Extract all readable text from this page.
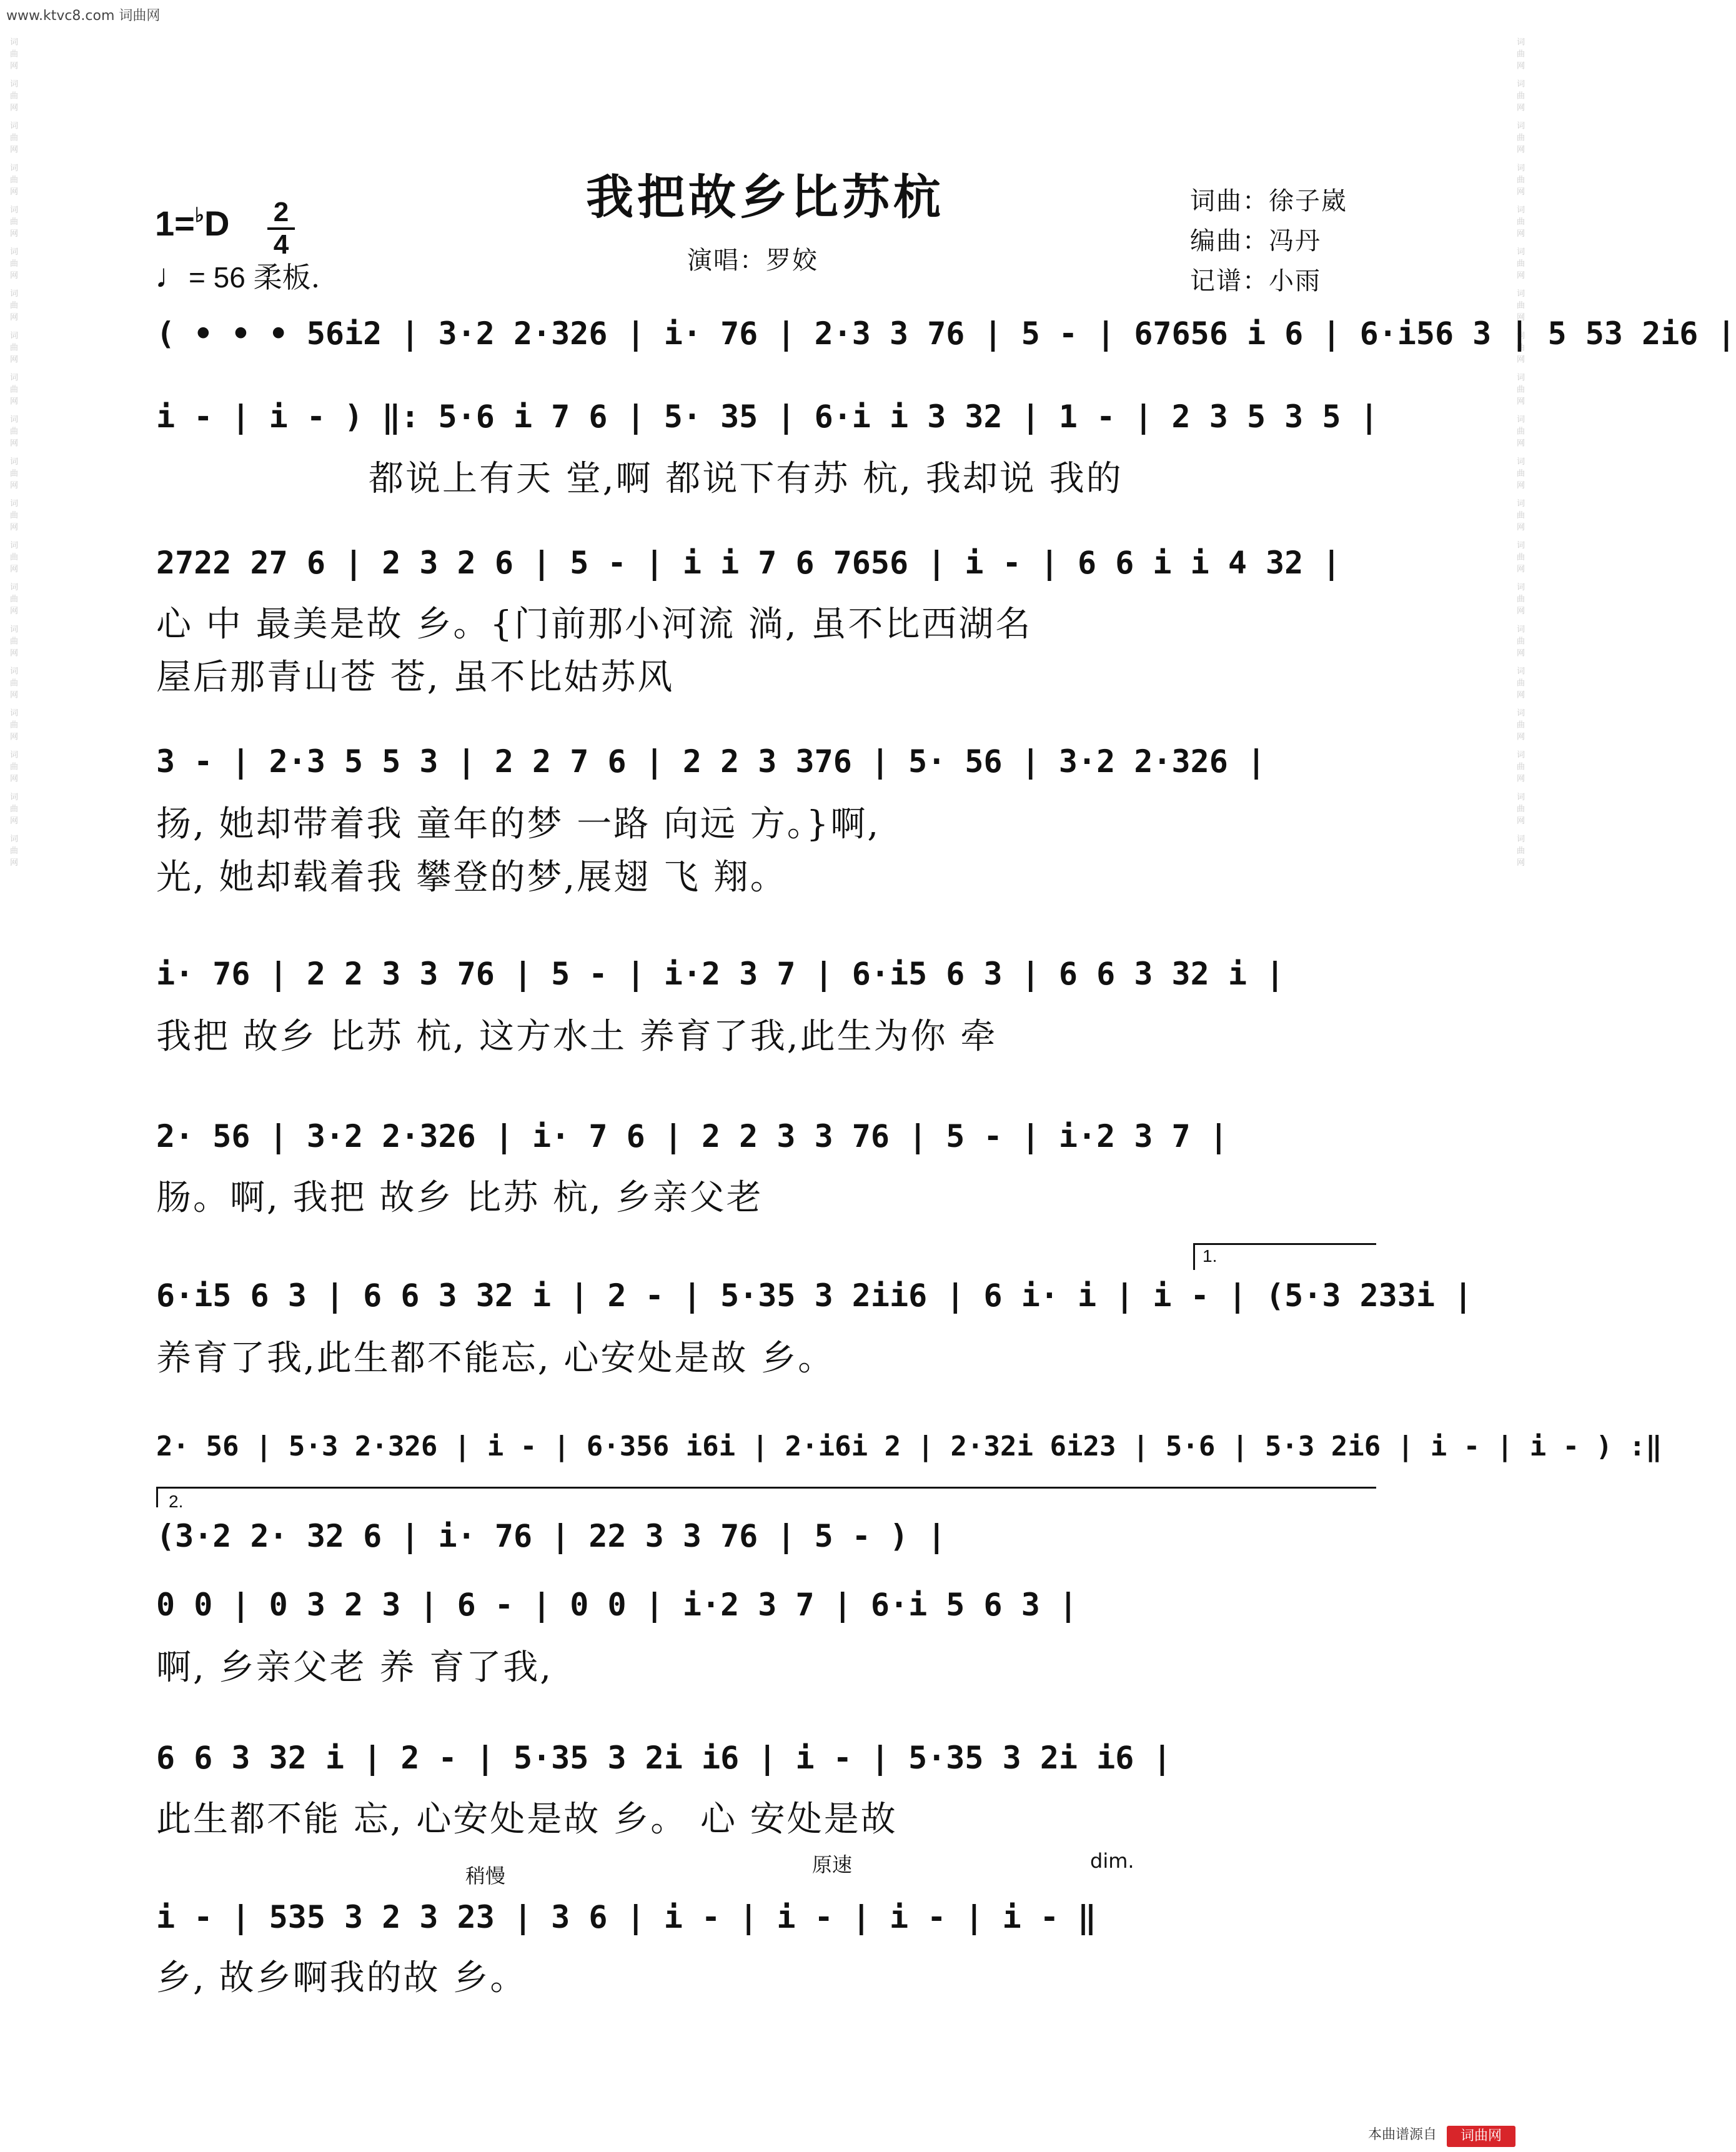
www.ktvc8.com 词曲网
词曲网 词曲网 词曲网 词曲网 词曲网 词曲网 词曲网 词曲网 词曲网 词曲网 词曲网 词曲网 词曲网 词曲网 词曲网 词曲网 词曲网 词曲网 词曲网 词曲网	词曲网 词曲网 词曲网 词曲网 词曲网 词曲网 词曲网 词曲网 词曲网 词曲网 词曲网 词曲网 词曲网 词曲网 词曲网 词曲网 词曲网 词曲网 词曲网 词曲网
我把故乡比苏杭
1=♭D 2
4
♩= 56 柔板.	演唱：罗姣
词曲：徐子崴
编曲：冯丹
记谱：小雨
( • • • 56i2 | 3·2 2·326 | i· 76 | 2·3 3 76 | 5 - | 67656 i 6 | 6·i56 3 | 5 53 2i6 |
i - | i - ) ‖: 5·6 i 7 6 | 5· 35 | 6·i i 3 32 | 1 - | 2 3 5 3 5 |
都说上有天 堂,啊 都说下有苏 杭, 我却说 我的
2722 27 6 | 2 3 2 6 | 5 - | i i 7 6 7656 | i - | 6 6 i i 4 32 |
心 中 最美是故 乡。{门前那小河流 淌, 虽不比西湖名
屋后那青山苍 苍, 虽不比姑苏风
3 - | 2·3 5 5 3 | 2 2 7 6 | 2 2 3 376 | 5· 56 | 3·2 2·326 |
扬, 她却带着我 童年的梦 一路 向远 方。}啊,
光, 她却载着我 攀登的梦,展翅 飞 翔。
i· 76 | 2 2 3 3 76 | 5 - | i·2 3 7 | 6·i5 6 3 | 6 6 3 32 i |
我把 故乡 比苏 杭, 这方水土 养育了我,此生为你 牵
2· 56 | 3·2 2·326 | i· 7 6 | 2 2 3 3 76 | 5 - | i·2 3 7 |
肠。啊, 我把 故乡 比苏 杭, 乡亲父老
6·i5 6 3 | 6 6 3 32 i | 2 - | 5·35 3 2ii6 | 6 i· i | i - | (5·3 233i |
养育了我,此生都不能忘, 心安处是故 乡。
1.
2· 56 | 5·3 2·326 | i - | 6·356 i6i | 2·i6i 2 | 2·32i 6i23 | 5·6 | 5·3 2i6 | i - | i - ) :‖
2.
(3·2 2· 32 6 | i· 76 | 22 3 3 76 | 5 - ) |
0 0 | 0 3 2 3 | 6 - | 0 0 | i·2 3 7 | 6·i 5 6 3 |
啊, 乡亲父老 养 育了我,
6 6 3 32 i | 2 - | 5·35 3 2i i6 | i - | 5·35 3 2i i6 |
此生都不能 忘, 心安处是故 乡。 心 安处是故
稍慢	原速	dim.
i - | 535 3 2 3 23 | 3 6 | i - | i - | i - | i - ‖
乡, 故乡啊我的故 乡。
本曲谱源自	词曲网
